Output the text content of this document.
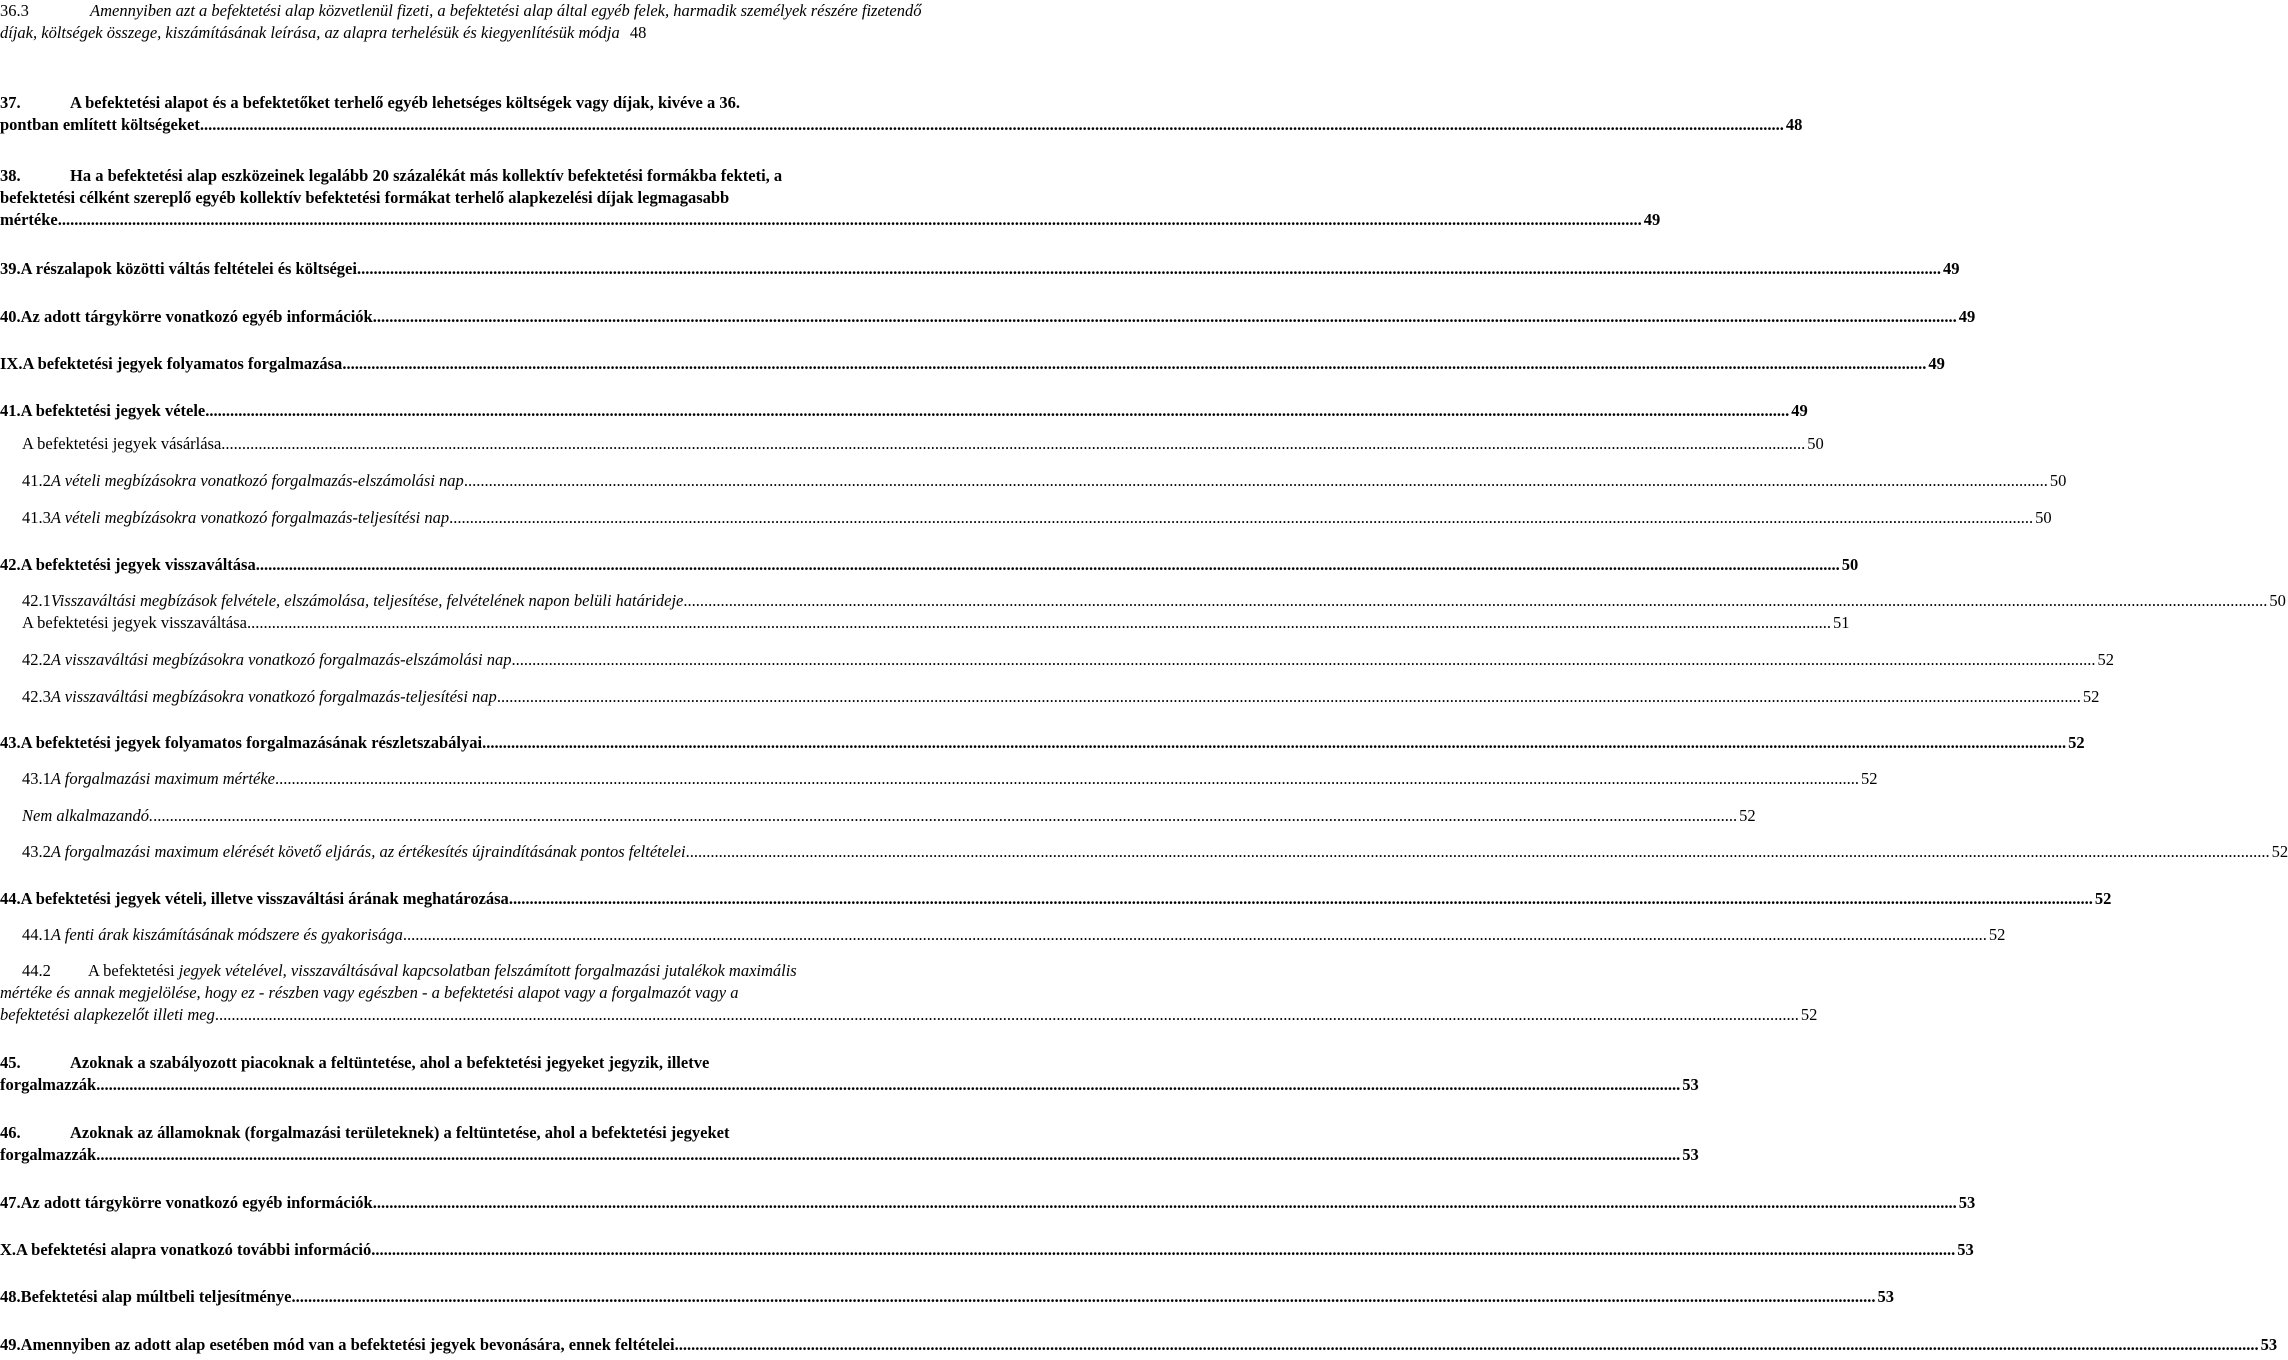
36.3	Amennyiben azt a befektetési alap közvetlenül fizeti, a befektetési alap által egyéb felek, harmadik személyek részére fizetendő díjak, költségek összege, kiszámításának leírása, az alapra terhelésük és kiegyenlítésük módja 48
37.	A befektetési alapot és a befektetőket terhelő egyéb lehetséges költségek vagy díjak, kivéve a 36.
pontban említett költségeket .....	48
38.	Ha a befektetési alap eszközeinek legalább 20 százalékát más kollektív befektetési formákba fekteti, a
befektetési célként szereplő egyéb kollektív befektetési formákat terhelő alapkezelési díjak legmagasabb
mértéke .....	49
39. A részalapok közötti váltás feltételei és költségei .....	49
40. Az adott tárgykörre vonatkozó egyéb információk .....	49
IX. A befektetési jegyek folyamatos forgalmazása .....	49
41. A befektetési jegyek vétele .....	49
A befektetési jegyek vásárlása .....	50
41.2 A vételi megbízásokra vonatkozó forgalmazás-elszámolási nap .....	50
41.3 A vételi megbízásokra vonatkozó forgalmazás-teljesítési nap .....	50
42. A befektetési jegyek visszaváltása .....	50
42.1 Visszaváltási megbízások felvétele, elszámolása, teljesítése, felvételének napon belüli határideje .....	50
A befektetési jegyek visszaváltása .....	51
42.2 A visszaváltási megbízásokra vonatkozó forgalmazás-elszámolási nap .....	52
42.3 A visszaváltási megbízásokra vonatkozó forgalmazás-teljesítési nap .....	52
43. A befektetési jegyek folyamatos forgalmazásának részletszabályai .....	52
43.1 A forgalmazási maximum mértéke .....	52
Nem alkalmazandó. .....	52
43.2 A forgalmazási maximum elérését követő eljárás, az értékesítés újraindításának pontos feltételei .....	52
44. A befektetési jegyek vételi, illetve visszaváltási árának meghatározása .....	52
44.1 A fenti árak kiszámításának módszere és gyakorisága .....	52
44.2	A befektetési
jegyek vételével, visszaváltásával kapcsolatban felszámított forgalmazási jutalékok maximális
mértéke és annak megjelölése, hogy ez - részben vagy egészben - a befektetési alapot vagy a forgalmazót vagy a
befektetési alapkezelőt illeti meg .....	52
45.	Azoknak a szabályozott piacoknak a feltüntetése, ahol a befektetési jegyeket jegyzik, illetve
forgalmazzák .....	53
46.	Azoknak az államoknak (forgalmazási területeknek) a feltüntetése, ahol a befektetési jegyeket
forgalmazzák .....	53
47. Az adott tárgykörre vonatkozó egyéb információk .....	53
X. A befektetési alapra vonatkozó további információ .....	53
48. Befektetési alap múltbeli teljesítménye .....	53
49. Amennyiben az adott alap esetében mód van a befektetési jegyek bevonására, ennek feltételei .....	53
